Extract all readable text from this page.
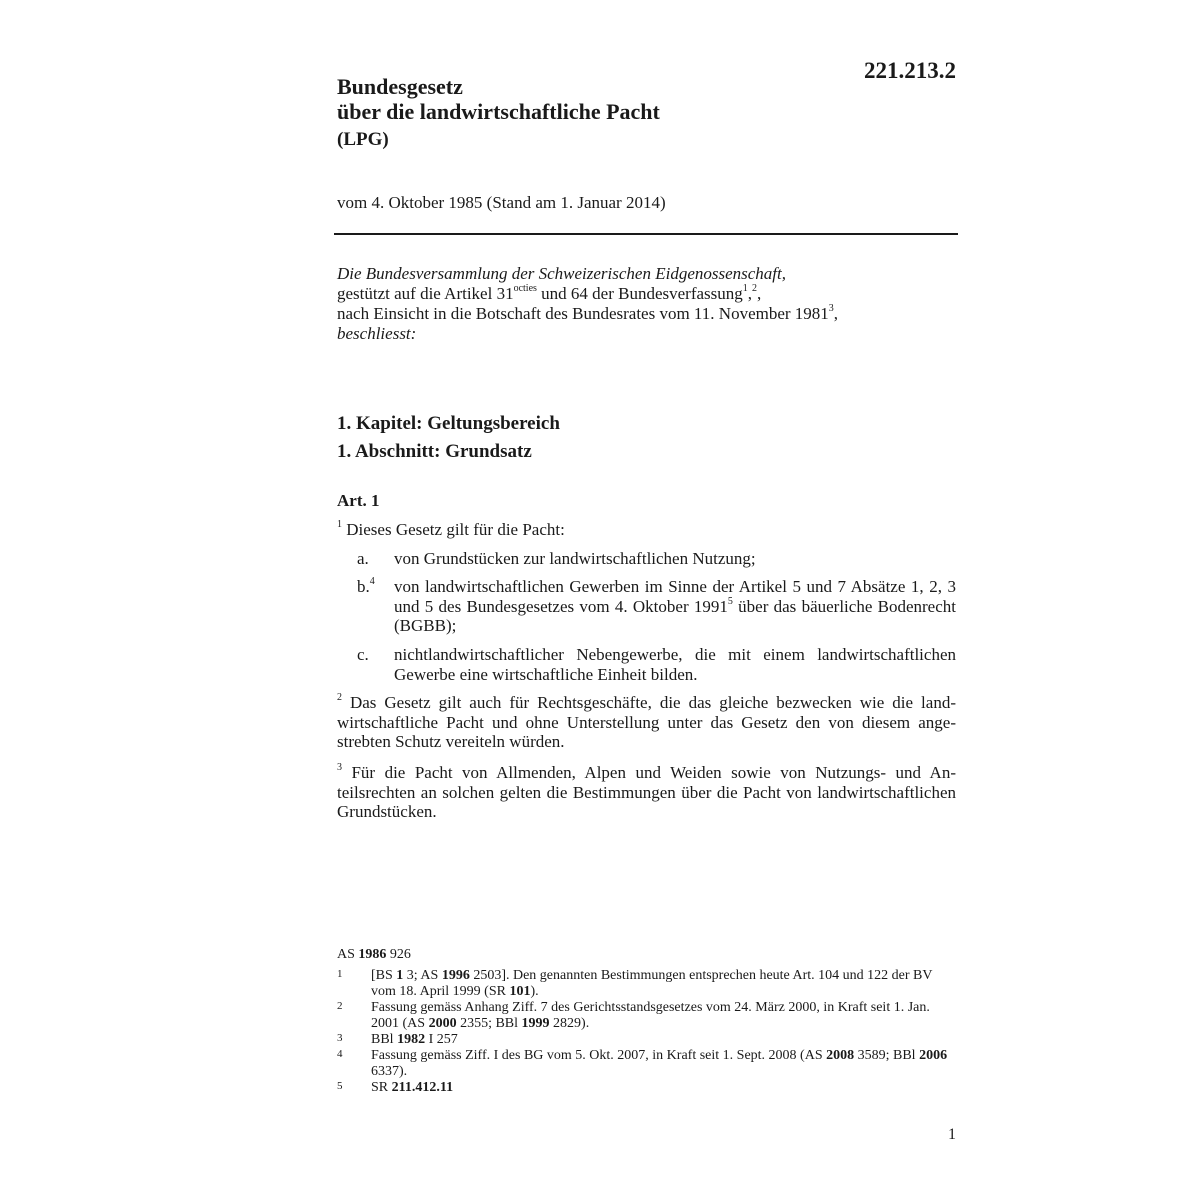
221.213.2
Bundesgesetz
über die landwirtschaftliche Pacht
(LPG)
vom 4. Oktober 1985 (Stand am 1. Januar 2014)

Die Bundesversammlung der Schweizerischen Eidgenossenschaft,

gestützt auf die Artikel $31^{octies}$ und 64 der Bundesverfassung$^1$,$^2$,

nach Einsicht in die Botschaft des Bundesrates vom 11. November 1981$^3$,

beschliesst:

1. Kapitel: Geltungsbereich
1. Abschnitt: Grundsatz
Art. 1
$^1$ Dieses Gesetz gilt für die Pacht:
a. von Grundstücken zur landwirtschaftlichen Nutzung;
b.$^4$ von landwirtschaftlichen Gewerben im Sinne der Artikel 5 und 7 Absätze 1, 2, 3 und 5 des Bundesgesetzes vom 4. Oktober 1991$^5$ über das bäuerliche Bodenrecht (BGBB);
c. nichtlandwirtschaftlicher Nebengewerbe, die mit einem landwirtschaftlichen Gewerbe eine wirtschaftliche Einheit bilden.
$^2$ Das Gesetz gilt auch für Rechtsgeschäfte, die das gleiche bezwecken wie die landwirtschaftliche Pacht und ohne Unterstellung unter das Gesetz den von diesem angestrebten Schutz vereiteln würden.
$^3$ Für die Pacht von Allmenden, Alpen und Weiden sowie von Nutzungs- und Anteilsrechten an solchen gelten die Bestimmungen über die Pacht von landwirtschaftlichen Grundstücken.
AS 1986 926
1 [BS 1 3; AS 1996 2503]. Den genannten Bestimmungen entsprechen heute Art. 104 und 122 der BV vom 18. April 1999 (SR 101).
2 Fassung gemäss Anhang Ziff. 7 des Gerichtsstandsgesetzes vom 24. März 2000, in Kraft seit 1. Jan. 2001 (AS 2000 2355; BBl 1999 2829).
3 BBl 1982 I 257
4 Fassung gemäss Ziff. I des BG vom 5. Okt. 2007, in Kraft seit 1. Sept. 2008 (AS 2008 3589; BBl 2006 6337).
5 SR 211.412.11
1
